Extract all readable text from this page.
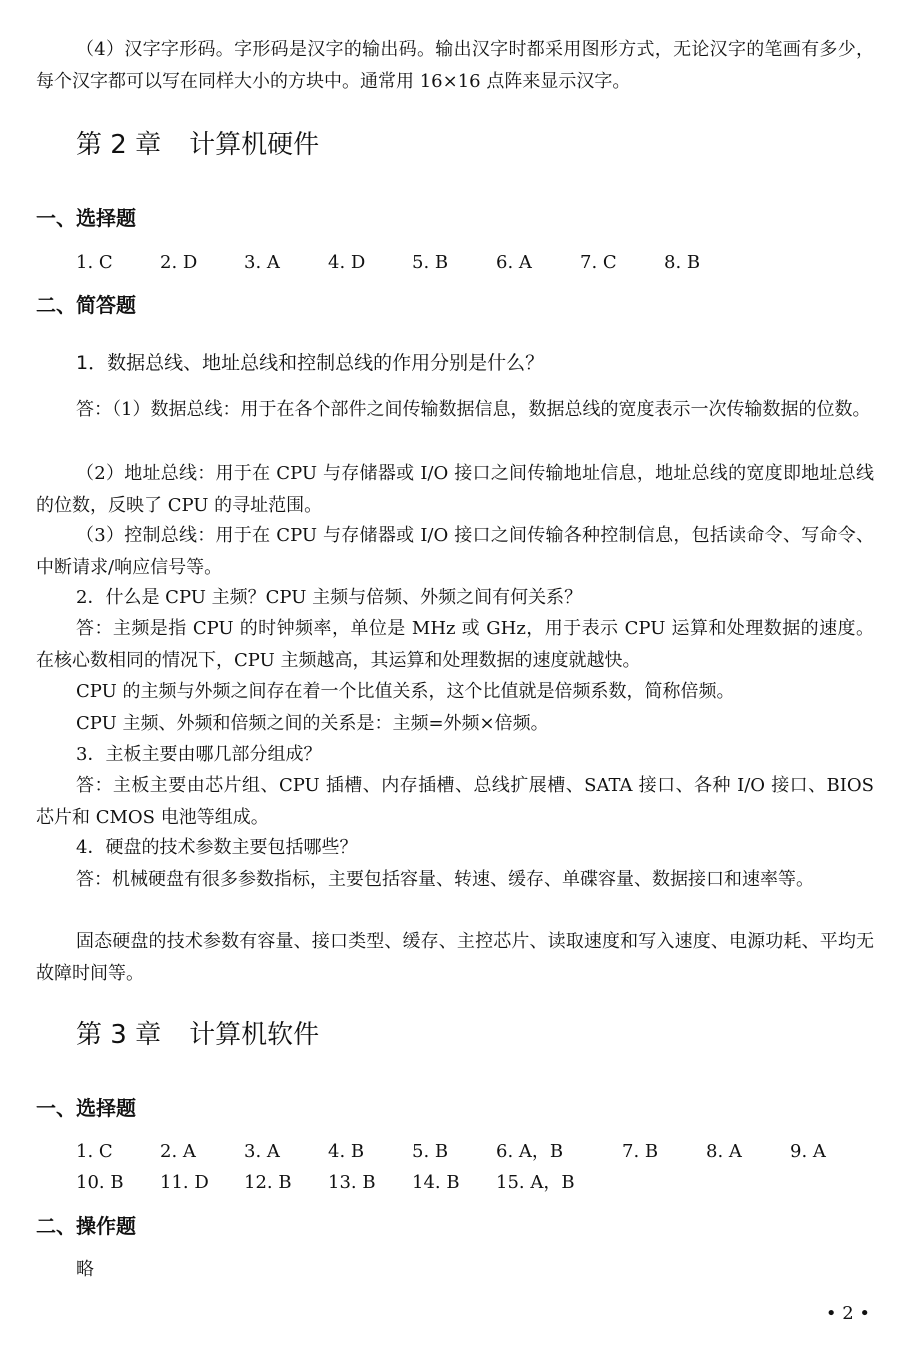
（4）汉字字形码。字形码是汉字的输出码。输出汉字时都采用图形方式，无论汉字的笔画有多少，每个汉字都可以写在同样大小的方块中。通常用 16×16 点阵来显示汉字。

第 2 章 计算机硬件
一、选择题
1. C	2. D	3. A	4. D	5. B	6. A	7. C	8. B
二、简答题

1．数据总线、地址总线和控制总线的作用分别是什么？

答：（1）数据总线：用于在各个部件之间传输数据信息，数据总线的宽度表示一次传输数据的位数。

（2）地址总线：用于在 CPU 与存储器或 I/O 接口之间传输地址信息，地址总线的宽度即地址总线的位数，反映了 CPU 的寻址范围。

（3）控制总线：用于在 CPU 与存储器或 I/O 接口之间传输各种控制信息，包括读命令、写命令、中断请求/响应信号等。

2．什么是 CPU 主频？CPU 主频与倍频、外频之间有何关系？

答：主频是指 CPU 的时钟频率，单位是 MHz 或 GHz，用于表示 CPU 运算和处理数据的速度。在核心数相同的情况下，CPU 主频越高，其运算和处理数据的速度就越快。

CPU 的主频与外频之间存在着一个比值关系，这个比值就是倍频系数，简称倍频。

CPU 主频、外频和倍频之间的关系是：主频=外频×倍频。

3．主板主要由哪几部分组成？

答：主板主要由芯片组、CPU 插槽、内存插槽、总线扩展槽、SATA 接口、各种 I/O 接口、BIOS 芯片和 CMOS 电池等组成。

4．硬盘的技术参数主要包括哪些？

答：机械硬盘有很多参数指标，主要包括容量、转速、缓存、单碟容量、数据接口和速率等。

固态硬盘的技术参数有容量、接口类型、缓存、主控芯片、读取速度和写入速度、电源功耗、平均无故障时间等。

第 3 章 计算机软件
一、选择题
1. C	2. A	3. A	4. B	5. B	6. A，B	7. B	8. A	9. A
10. B 11. D 12. B 13. B 14. B 15. A，B
二、操作题

略

• 2 •
